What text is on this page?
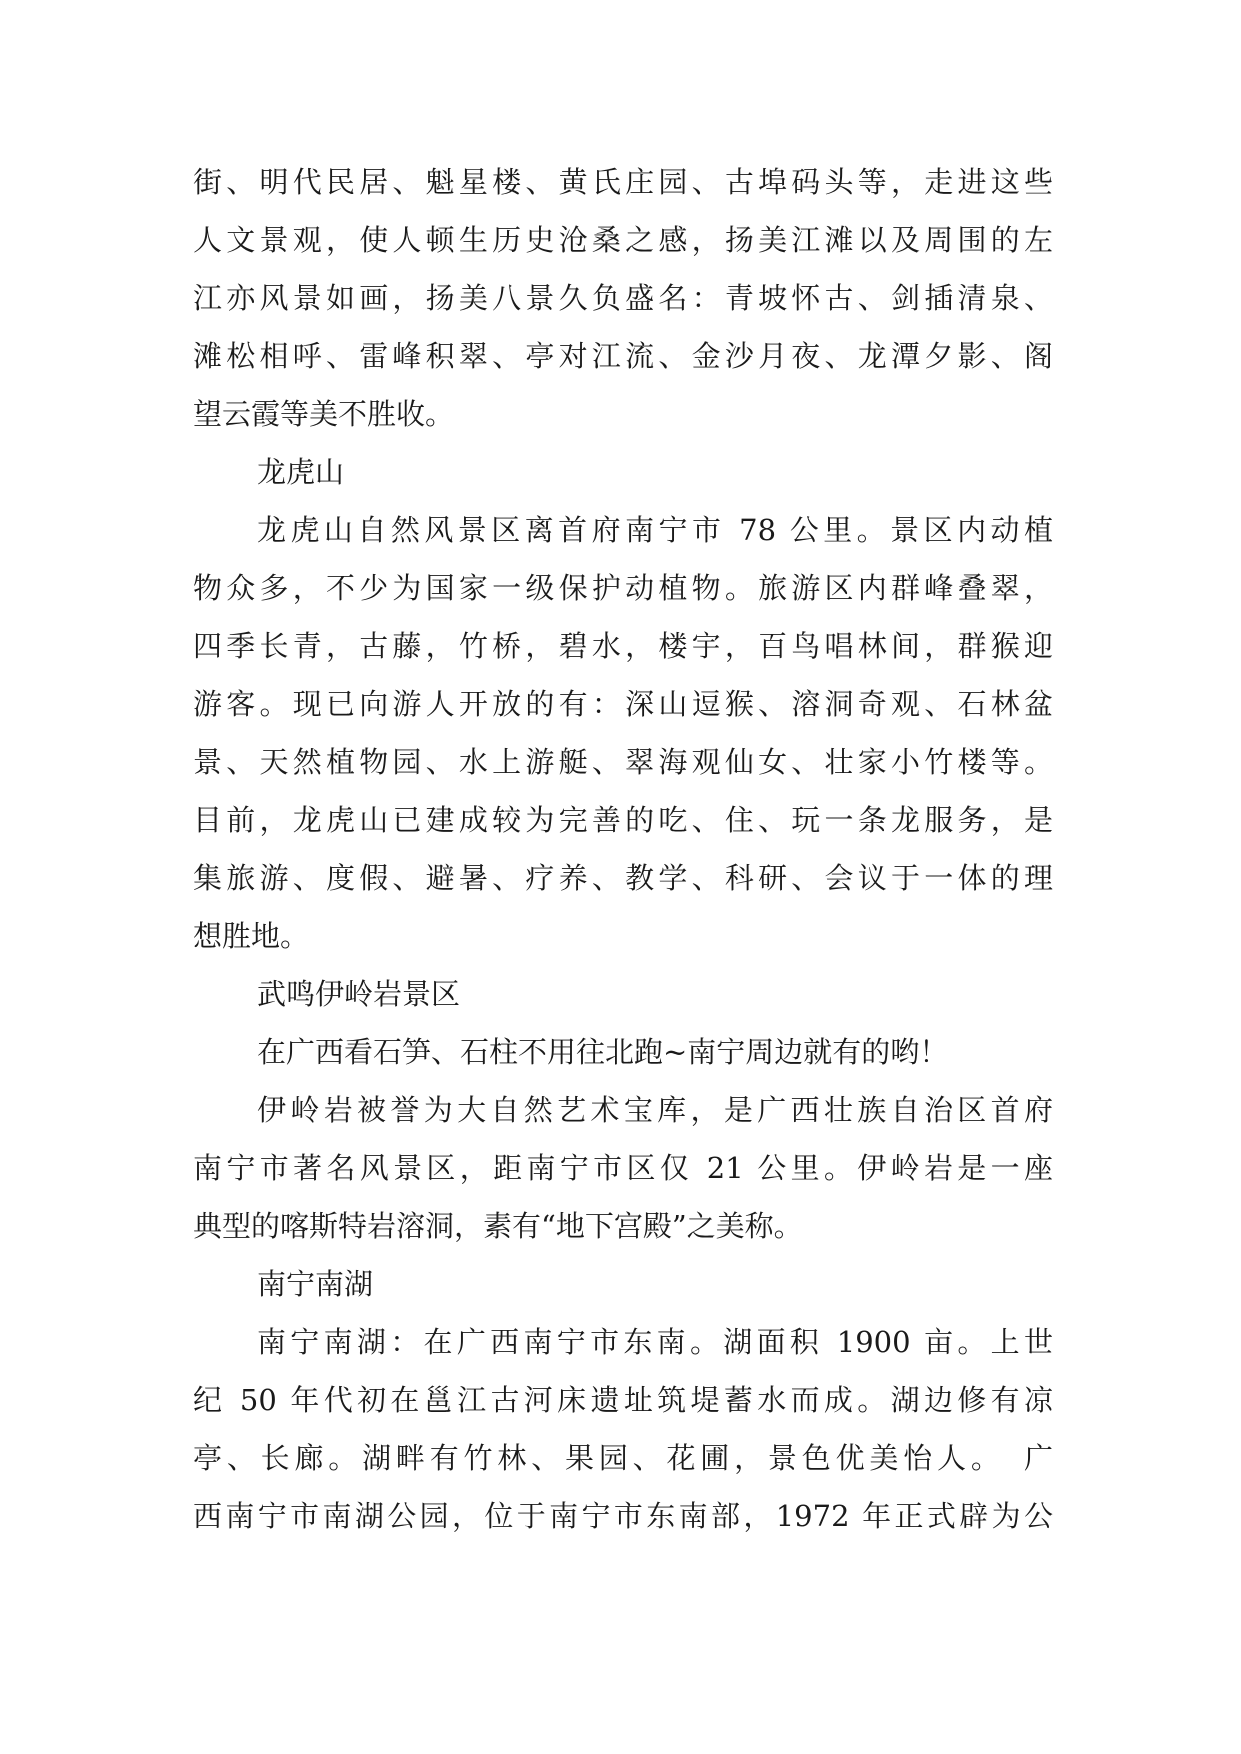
街、明代民居、魁星楼、黄氏庄园、古埠码头等，走进这些
人文景观，使人顿生历史沧桑之感，扬美江滩以及周围的左
江亦风景如画，扬美八景久负盛名：青坡怀古、剑插清泉、
滩松相呼、雷峰积翠、亭对江流、金沙月夜、龙潭夕影、阁
望云霞等美不胜收。
龙虎山
龙虎山自然风景区离首府南宁市 78 公里。景区内动植
物众多，不少为国家一级保护动植物。旅游区内群峰叠翠，
四季长青，古藤，竹桥，碧水，楼宇，百鸟唱林间，群猴迎
游客。现已向游人开放的有：深山逗猴、溶洞奇观、石林盆
景、天然植物园、水上游艇、翠海观仙女、壮家小竹楼等。
目前，龙虎山已建成较为完善的吃、住、玩一条龙服务，是
集旅游、度假、避暑、疗养、教学、科研、会议于一体的理
想胜地。
武鸣伊岭岩景区
在广西看石笋、石柱不用往北跑~南宁周边就有的哟！
伊岭岩被誉为大自然艺术宝库，是广西壮族自治区首府
南宁市著名风景区，距南宁市区仅 21 公里。伊岭岩是一座
典型的喀斯特岩溶洞，素有“地下宫殿”之美称。
南宁南湖
南宁南湖：在广西南宁市东南。湖面积 1900 亩。上世
纪 50 年代初在邕江古河床遗址筑堤蓄水而成。湖边修有凉
亭、长廊。湖畔有竹林、果园、花圃，景色优美怡人。　广
西南宁市南湖公园，位于南宁市东南部，1972 年正式辟为公
